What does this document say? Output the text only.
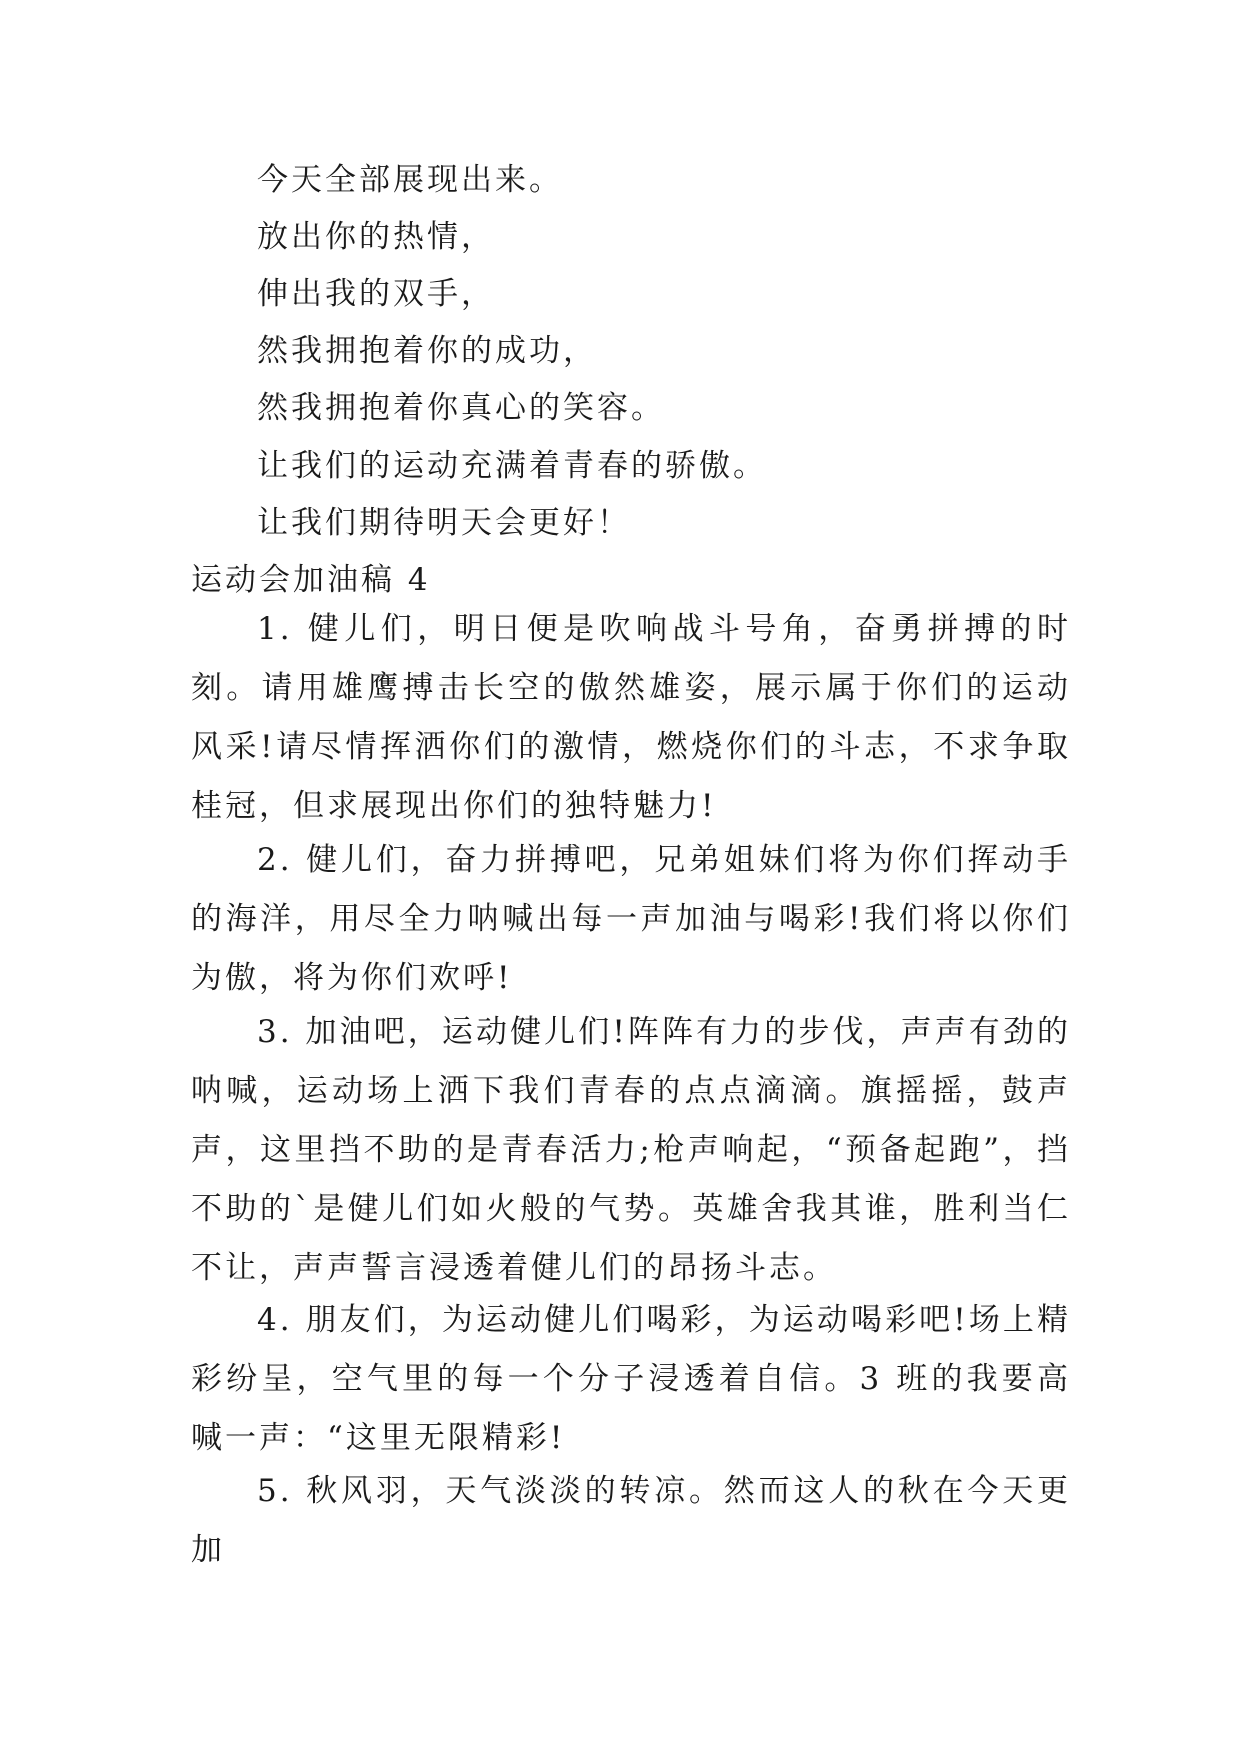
今天全部展现出来。

放出你的热情，

伸出我的双手，

然我拥抱着你的成功，

然我拥抱着你真心的笑容。

让我们的运动充满着青春的骄傲。

让我们期待明天会更好！

运动会加油稿 4

1. 健儿们，明日便是吹响战斗号角，奋勇拼搏的时刻。请用雄鹰搏击长空的傲然雄姿，展示属于你们的运动风采!请尽情挥洒你们的激情，燃烧你们的斗志，不求争取桂冠，但求展现出你们的独特魅力!

2. 健儿们，奋力拼搏吧，兄弟姐妹们将为你们挥动手的海洋，用尽全力呐喊出每一声加油与喝彩!我们将以你们为傲，将为你们欢呼!

3. 加油吧，运动健儿们!阵阵有力的步伐，声声有劲的呐喊，运动场上洒下我们青春的点点滴滴。旗摇摇，鼓声声，这里挡不助的是青春活力;枪声响起，“预备起跑”，挡不助的`是健儿们如火般的气势。英雄舍我其谁，胜利当仁不让，声声誓言浸透着健儿们的昂扬斗志。

4. 朋友们，为运动健儿们喝彩，为运动喝彩吧!场上精彩纷呈，空气里的每一个分子浸透着自信。3 班的我要高喊一声：“这里无限精彩!

5. 秋风羽，天气淡淡的转凉。然而这人的秋在今天更加
